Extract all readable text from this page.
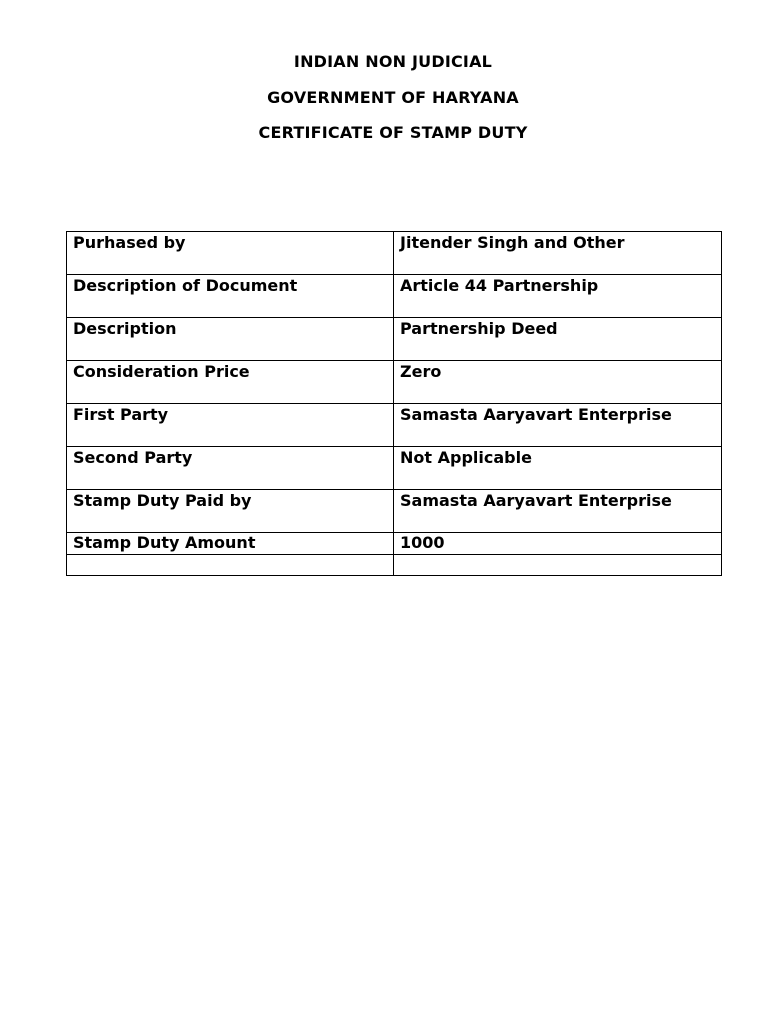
INDIAN NON JUDICIAL
GOVERNMENT OF HARYANA
CERTIFICATE OF STAMP DUTY
Purhased by	Jitender Singh and Other
Description of Document	Article 44 Partnership
Description	Partnership Deed
Consideration Price	Zero
First Party	Samasta Aaryavart Enterprise
Second Party	Not Applicable
Stamp Duty Paid by	Samasta Aaryavart Enterprise
Stamp Duty Amount	1000
